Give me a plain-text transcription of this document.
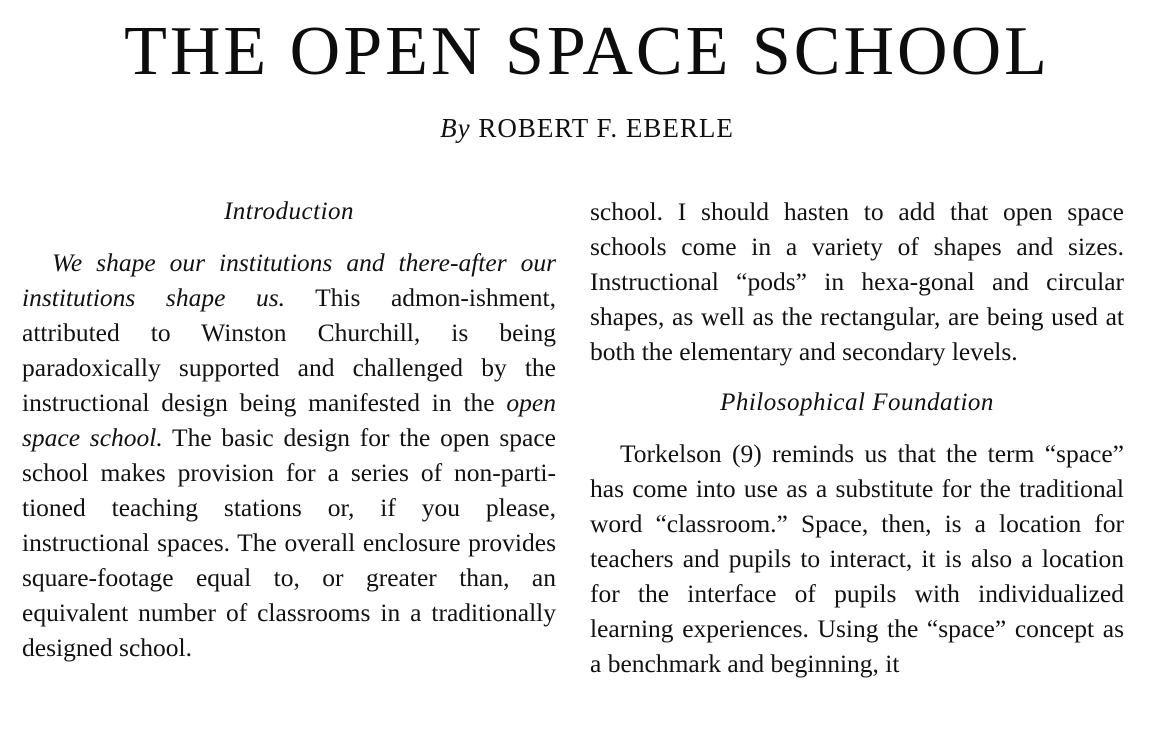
THE OPEN SPACE SCHOOL
By ROBERT F. EBERLE
Introduction

We shape our institutions and there-after our institutions shape us. This admon-ishment, attributed to Winston Churchill, is being paradoxically supported and challenged by the instructional design being manifested in the open space school. The basic design for the open space school makes provision for a series of non-parti-tioned teaching stations or, if you please, instructional spaces. The overall enclosure provides square-footage equal to, or greater than, an equivalent number of classrooms in a traditionally designed school.

school. I should hasten to add that open space schools come in a variety of shapes and sizes. Instructional “pods” in hexa-gonal and circular shapes, as well as the rectangular, are being used at both the elementary and secondary levels.

Philosophical Foundation

Torkelson (9) reminds us that the term “space” has come into use as a substitute for the traditional word “classroom.” Space, then, is a location for teachers and pupils to interact, it is also a location for the interface of pupils with individualized learning experiences. Using the “space” concept as a benchmark and beginning, it
